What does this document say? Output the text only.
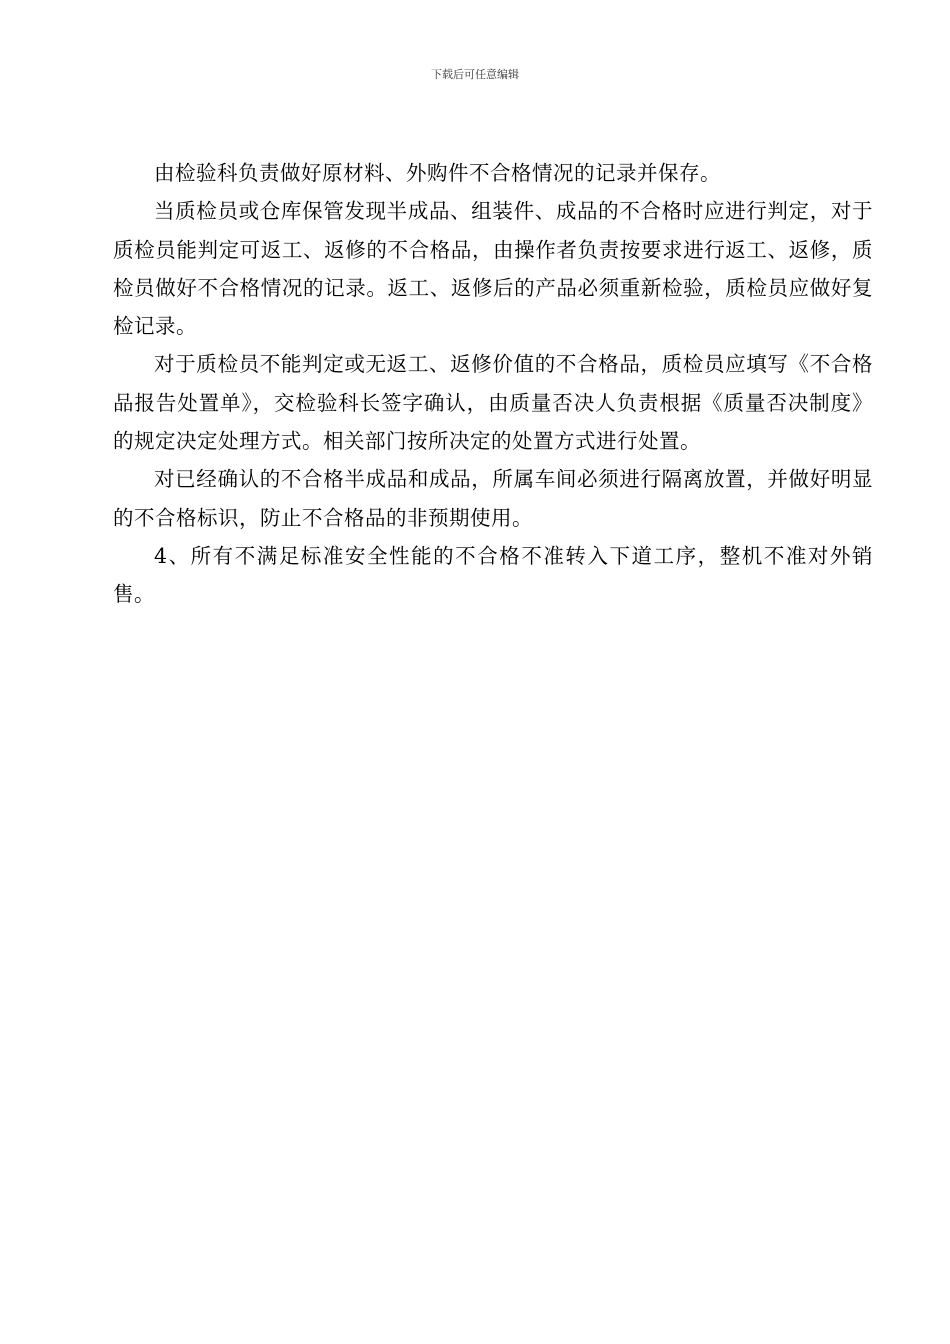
下载后可任意编辑

由检验科负责做好原材料、外购件不合格情况的记录并保存。

当质检员或仓库保管发现半成品、组装件、成品的不合格时应进行判定，对于质检员能判定可返工、返修的不合格品，由操作者负责按要求进行返工、返修，质检员做好不合格情况的记录。返工、返修后的产品必须重新检验，质检员应做好复检记录。

对于质检员不能判定或无返工、返修价值的不合格品，质检员应填写《不合格品报告处置单》，交检验科长签字确认，由质量否决人负责根据《质量否决制度》的规定决定处理方式。相关部门按所决定的处置方式进行处置。

对已经确认的不合格半成品和成品，所属车间必须进行隔离放置，并做好明显的不合格标识，防止不合格品的非预期使用。

4、所有不满足标准安全性能的不合格不准转入下道工序，整机不准对外销售。
